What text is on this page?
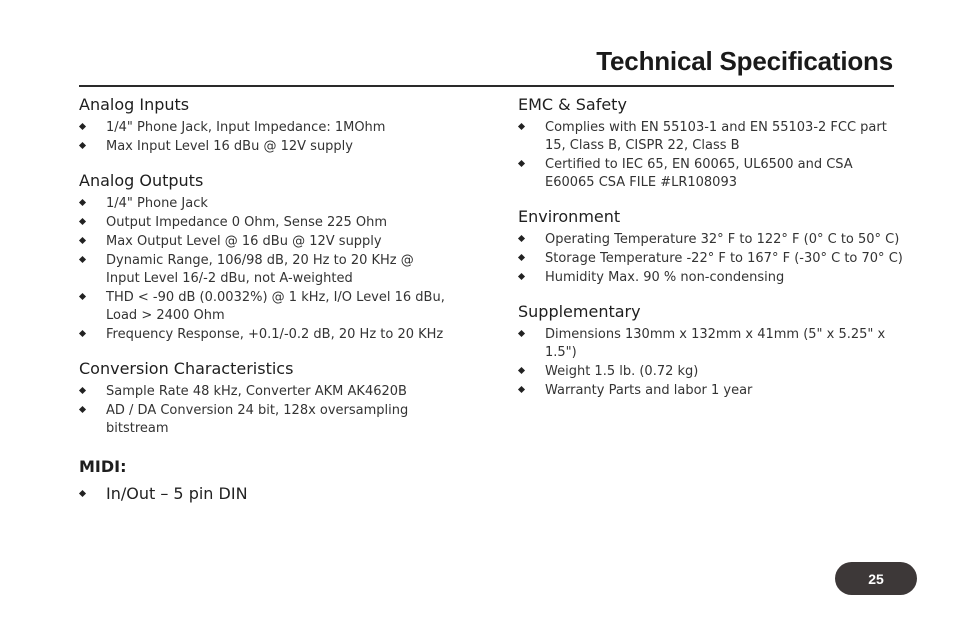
Technical Specifications
Analog Inputs
1/4" Phone Jack, Input Impedance: 1MOhm
Max Input Level 16 dBu @ 12V supply
Analog Outputs
1/4" Phone Jack
Output Impedance 0 Ohm, Sense 225 Ohm
Max Output Level @ 16 dBu @ 12V supply
Dynamic Range, 106/98 dB, 20 Hz to 20 KHz @ Input Level 16/-2 dBu, not A-weighted
THD < -90 dB (0.0032%) @ 1 kHz, I/O Level 16 dBu, Load > 2400 Ohm
Frequency Response, +0.1/-0.2 dB, 20 Hz to 20 KHz
Conversion Characteristics
Sample Rate 48 kHz, Converter AKM AK4620B
AD / DA Conversion 24 bit, 128x oversampling bitstream
MIDI:
In/Out – 5 pin DIN
EMC & Safety
Complies with EN 55103-1 and EN 55103-2 FCC part 15, Class B, CISPR 22, Class B
Certified to IEC 65, EN 60065, UL6500 and CSA E60065 CSA FILE #LR108093
Environment
Operating Temperature 32° F to 122° F (0° C to 50° C)
Storage Temperature -22° F to 167° F (-30° C to 70° C)
Humidity Max. 90 % non-condensing
Supplementary
Dimensions 130mm x 132mm x 41mm (5" x 5.25" x 1.5")
Weight 1.5 lb. (0.72 kg)
Warranty Parts and labor 1 year
25
